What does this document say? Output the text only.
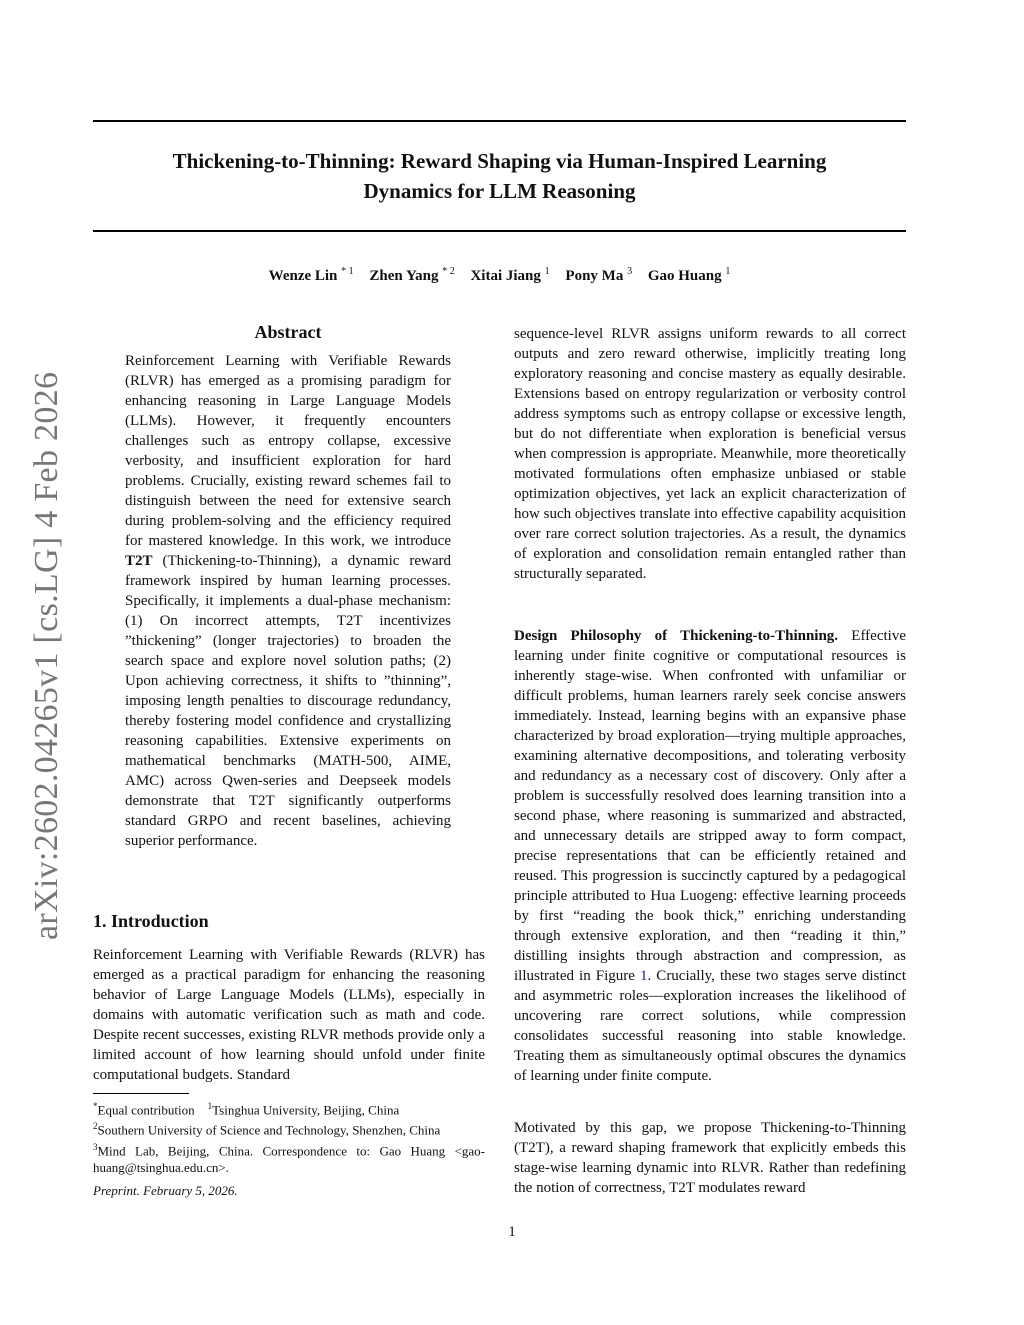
Thickening-to-Thinning: Reward Shaping via Human-Inspired Learning
Dynamics for LLM Reasoning
Wenze Lin $^{* 1}$ Zhen Yang $^{* 2}$ Xitai Jiang $^1$ Pony Ma $^3$ Gao Huang $^1$
arXiv:2602.04265v1 [cs.LG] 4 Feb 2026
Abstract

Reinforcement Learning with Verifiable Rewards (RLVR) has emerged as a promising paradigm for enhancing reasoning in Large Language Models (LLMs). However, it frequently encounters challenges such as entropy collapse, excessive verbosity, and insufficient exploration for hard problems. Crucially, existing reward schemes fail to distinguish between the need for extensive search during problem-solving and the efficiency required for mastered knowledge. In this work, we introduce T2T (Thickening-to-Thinning), a dynamic reward framework inspired by human learning processes. Specifically, it implements a dual-phase mechanism: (1) On incorrect attempts, T2T incentivizes ”thickening” (longer trajectories) to broaden the search space and explore novel solution paths; (2) Upon achieving correctness, it shifts to ”thinning”, imposing length penalties to discourage redundancy, thereby fostering model confidence and crystallizing reasoning capabilities. Extensive experiments on mathematical benchmarks (MATH-500, AIME, AMC) across Qwen-series and Deepseek models demonstrate that T2T significantly outperforms standard GRPO and recent baselines, achieving superior performance.

1. Introduction

Reinforcement Learning with Verifiable Rewards (RLVR) has emerged as a practical paradigm for enhancing the reasoning behavior of Large Language Models (LLMs), especially in domains with automatic verification such as math and code. Despite recent successes, existing RLVR methods provide only a limited account of how learning should unfold under finite computational budgets. Standard

*Equal contribution $^1$Tsinghua University, Beijing, China
$^2$Southern University of Science and Technology, Shenzhen, China
$^3$Mind Lab, Beijing, China. Correspondence to: Gao Huang <gao-huang@tsinghua.edu.cn>.

Preprint. February 5, 2026.

sequence-level RLVR assigns uniform rewards to all correct outputs and zero reward otherwise, implicitly treating long exploratory reasoning and concise mastery as equally desirable. Extensions based on entropy regularization or verbosity control address symptoms such as entropy collapse or excessive length, but do not differentiate when exploration is beneficial versus when compression is appropriate. Meanwhile, more theoretically motivated formulations often emphasize unbiased or stable optimization objectives, yet lack an explicit characterization of how such objectives translate into effective capability acquisition over rare correct solution trajectories. As a result, the dynamics of exploration and consolidation remain entangled rather than structurally separated.

Design Philosophy of Thickening-to-Thinning. Effective learning under finite cognitive or computational resources is inherently stage-wise. When confronted with unfamiliar or difficult problems, human learners rarely seek concise answers immediately. Instead, learning begins with an expansive phase characterized by broad exploration—trying multiple approaches, examining alternative decompositions, and tolerating verbosity and redundancy as a necessary cost of discovery. Only after a problem is successfully resolved does learning transition into a second phase, where reasoning is summarized and abstracted, and unnecessary details are stripped away to form compact, precise representations that can be efficiently retained and reused. This progression is succinctly captured by a pedagogical principle attributed to Hua Luogeng: effective learning proceeds by first “reading the book thick,” enriching understanding through extensive exploration, and then “reading it thin,” distilling insights through abstraction and compression, as illustrated in Figure 1. Crucially, these two stages serve distinct and asymmetric roles—exploration increases the likelihood of uncovering rare correct solutions, while compression consolidates successful reasoning into stable knowledge. Treating them as simultaneously optimal obscures the dynamics of learning under finite compute.

Motivated by this gap, we propose Thickening-to-Thinning (T2T), a reward shaping framework that explicitly embeds this stage-wise learning dynamic into RLVR. Rather than redefining the notion of correctness, T2T modulates reward

1
